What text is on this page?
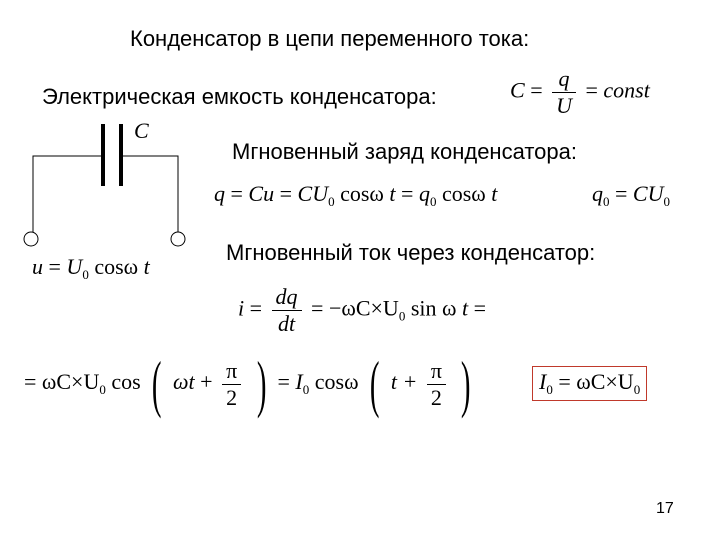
Конденсатор в цепи переменного тока:
Электрическая емкость конденсатора:	$C = \frac{q}{U}$ = const
C
$u = U_0$ cosω t
Мгновенный заряд конденсатора:
$q = Cu = CU_0$ cosω $t = q_0$ cosω t	$q_0 = CU_0$
Мгновенный ток через конденсатор:
$i = \frac{dq}{dt} = -\omega C\times U_0$ sin ω t =
= $\omega C\times U_0$ cos ( $\omega t + \frac{\pi}{2}$ ) = $I_0$ cosω ( $t + \frac{\pi}{2}$ )	$I_0 = \omega C\times U_0$
17
